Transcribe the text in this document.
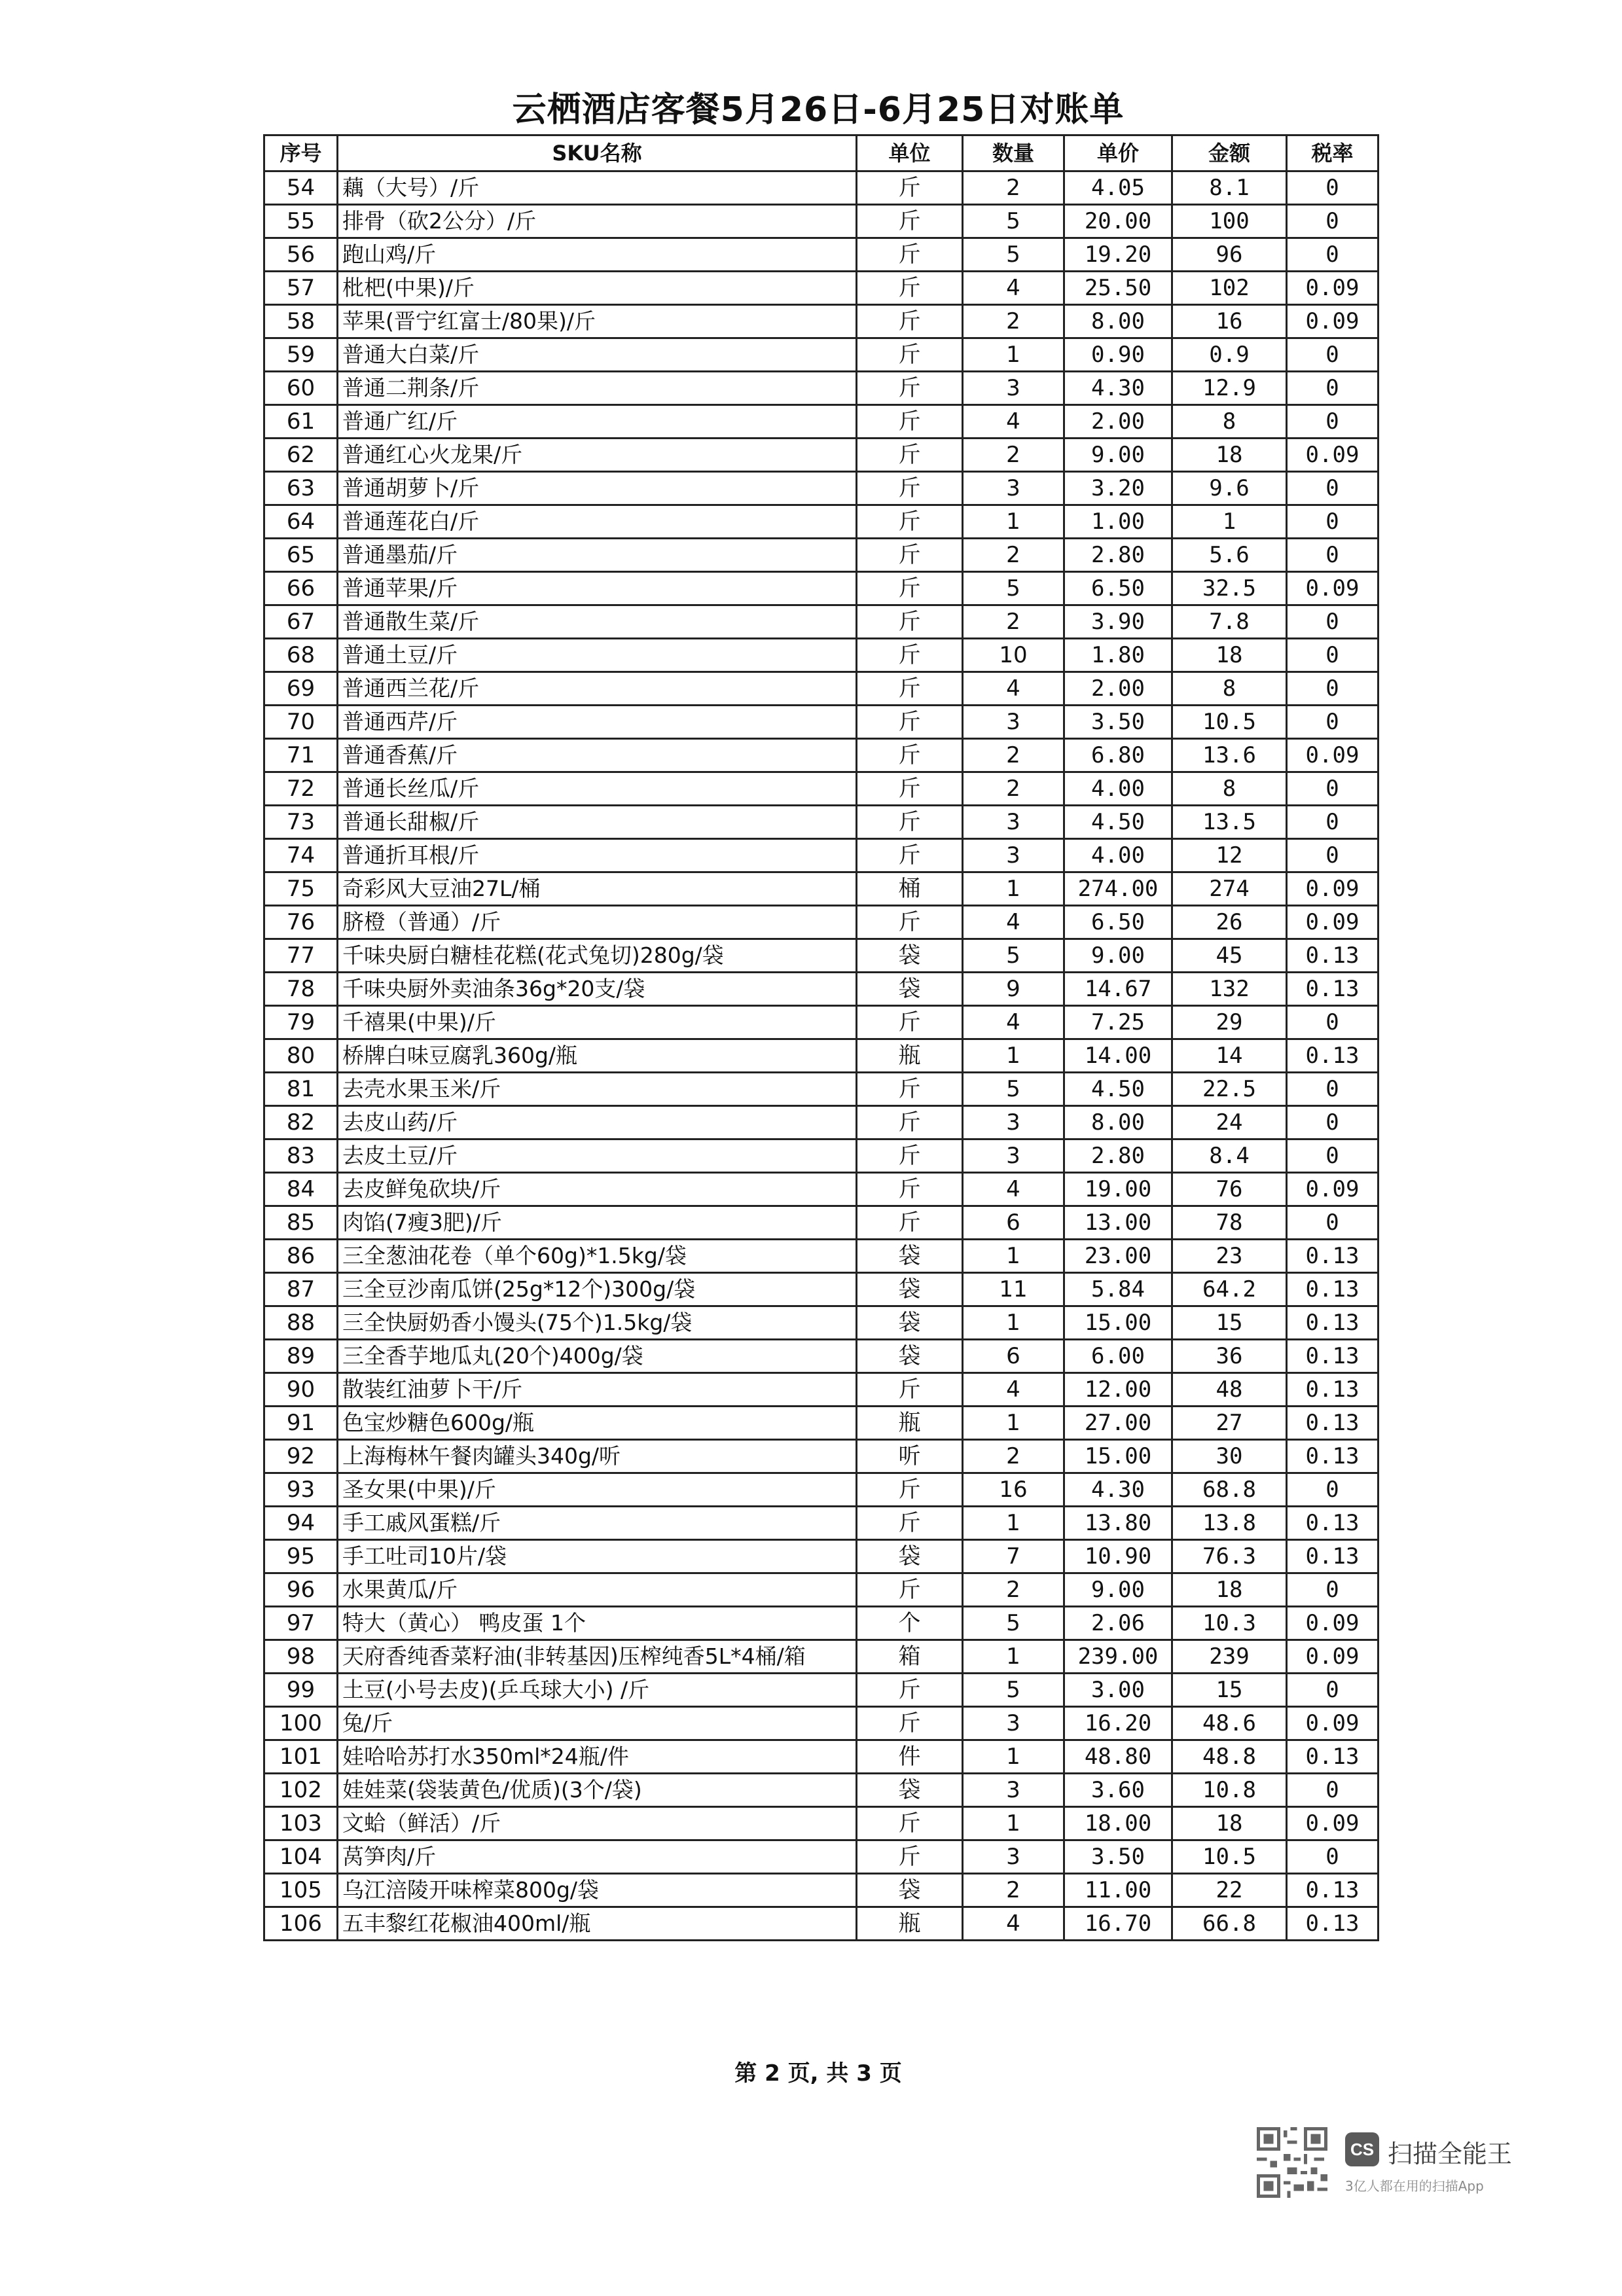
云栖酒店客餐5月26日-6月25日对账单
序号	SKU名称	单位	数量	单价	金额	税率
54	藕（大号）/斤	斤	2	4.05	8.1	0
55	排骨（砍2公分）/斤	斤	5	20.00	100	0
56	跑山鸡/斤	斤	5	19.20	96	0
57	枇杷(中果)/斤	斤	4	25.50	102	0.09
58	苹果(晋宁红富士/80果)/斤	斤	2	8.00	16	0.09
59	普通大白菜/斤	斤	1	0.90	0.9	0
60	普通二荆条/斤	斤	3	4.30	12.9	0
61	普通广红/斤	斤	4	2.00	8	0
62	普通红心火龙果/斤	斤	2	9.00	18	0.09
63	普通胡萝卜/斤	斤	3	3.20	9.6	0
64	普通莲花白/斤	斤	1	1.00	1	0
65	普通墨茄/斤	斤	2	2.80	5.6	0
66	普通苹果/斤	斤	5	6.50	32.5	0.09
67	普通散生菜/斤	斤	2	3.90	7.8	0
68	普通土豆/斤	斤	10	1.80	18	0
69	普通西兰花/斤	斤	4	2.00	8	0
70	普通西芹/斤	斤	3	3.50	10.5	0
71	普通香蕉/斤	斤	2	6.80	13.6	0.09
72	普通长丝瓜/斤	斤	2	4.00	8	0
73	普通长甜椒/斤	斤	3	4.50	13.5	0
74	普通折耳根/斤	斤	3	4.00	12	0
75	奇彩风大豆油27L/桶	桶	1	274.00	274	0.09
76	脐橙（普通）/斤	斤	4	6.50	26	0.09
77	千味央厨白糖桂花糕(花式兔切)280g/袋	袋	5	9.00	45	0.13
78	千味央厨外卖油条36g*20支/袋	袋	9	14.67	132	0.13
79	千禧果(中果)/斤	斤	4	7.25	29	0
80	桥牌白味豆腐乳360g/瓶	瓶	1	14.00	14	0.13
81	去壳水果玉米/斤	斤	5	4.50	22.5	0
82	去皮山药/斤	斤	3	8.00	24	0
83	去皮土豆/斤	斤	3	2.80	8.4	0
84	去皮鲜兔砍块/斤	斤	4	19.00	76	0.09
85	肉馅(7瘦3肥)/斤	斤	6	13.00	78	0
86	三全葱油花卷（单个60g)*1.5kg/袋	袋	1	23.00	23	0.13
87	三全豆沙南瓜饼(25g*12个)300g/袋	袋	11	5.84	64.2	0.13
88	三全快厨奶香小馒头(75个)1.5kg/袋	袋	1	15.00	15	0.13
89	三全香芋地瓜丸(20个)400g/袋	袋	6	6.00	36	0.13
90	散装红油萝卜干/斤	斤	4	12.00	48	0.13
91	色宝炒糖色600g/瓶	瓶	1	27.00	27	0.13
92	上海梅林午餐肉罐头340g/听	听	2	15.00	30	0.13
93	圣女果(中果)/斤	斤	16	4.30	68.8	0
94	手工戚风蛋糕/斤	斤	1	13.80	13.8	0.13
95	手工吐司10片/袋	袋	7	10.90	76.3	0.13
96	水果黄瓜/斤	斤	2	9.00	18	0
97	特大（黄心） 鸭皮蛋 1个	个	5	2.06	10.3	0.09
98	天府香纯香菜籽油(非转基因)压榨纯香5L*4桶/箱	箱	1	239.00	239	0.09
99	土豆(小号去皮)(乒乓球大小) /斤	斤	5	3.00	15	0
100	兔/斤	斤	3	16.20	48.6	0.09
101	娃哈哈苏打水350ml*24瓶/件	件	1	48.80	48.8	0.13
102	娃娃菜(袋装黄色/优质)(3个/袋)	袋	3	3.60	10.8	0
103	文蛤（鲜活）/斤	斤	1	18.00	18	0.09
104	莴笋肉/斤	斤	3	3.50	10.5	0
105	乌江涪陵开味榨菜800g/袋	袋	2	11.00	22	0.13
106	五丰黎红花椒油400ml/瓶	瓶	4	16.70	66.8	0.13
第 2 页, 共 3 页
CS 扫描全能王
3亿人都在用的扫描App
